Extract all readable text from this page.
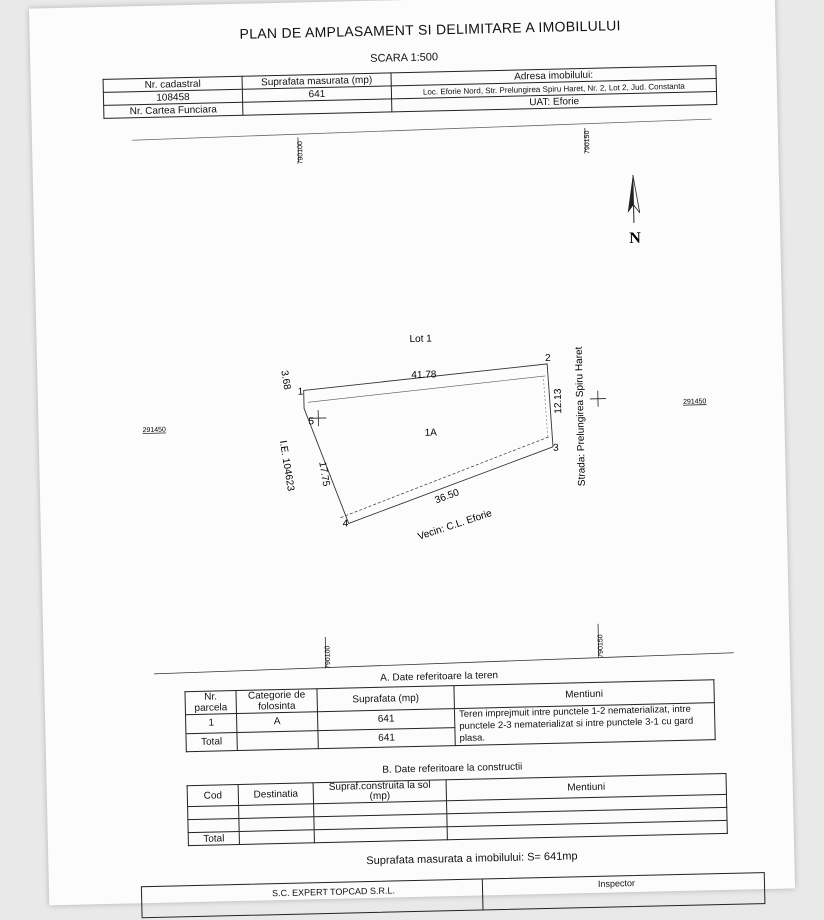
PLAN DE AMPLASAMENT SI DELIMITARE A IMOBILULUI
SCARA 1:500
Nr. cadastral	Suprafata masurata (mp)	Adresa imobilului:
108458	641	Loc. Eforie Nord, Str. Prelungirea Spiru Haret, Nr. 2, Lot 2, Jud. Constanta
Nr. Cartea Funciara		UAT: Eforie
790100	790150
790100	790150
291450
291450
N
1
2
3
4
5
41.78
12.13
36.50
17.75
3.68
Lot 1
1A	Strada: Prelungirea Spiru Haret
I.E. 104623
Vecin: C.L. Eforie
A. Date referitoare la teren
Nr. parcela	Categorie de folosinta	Suprafata (mp)	Mentiuni
1	A	641	Teren imprejmuit intre punctele 1-2 nematerializat, intre punctele 2-3 nematerializat si intre punctele 3-1 cu gard plasa.
Total		641	
B. Date referitoare la constructii
Cod	Destinatia	Supraf.construita la sol (mp)	Mentiuni

Total			
Suprafata masurata a imobilului: S= 641mp
S.C. EXPERT TOPCAD S.R.L.
Inspector
